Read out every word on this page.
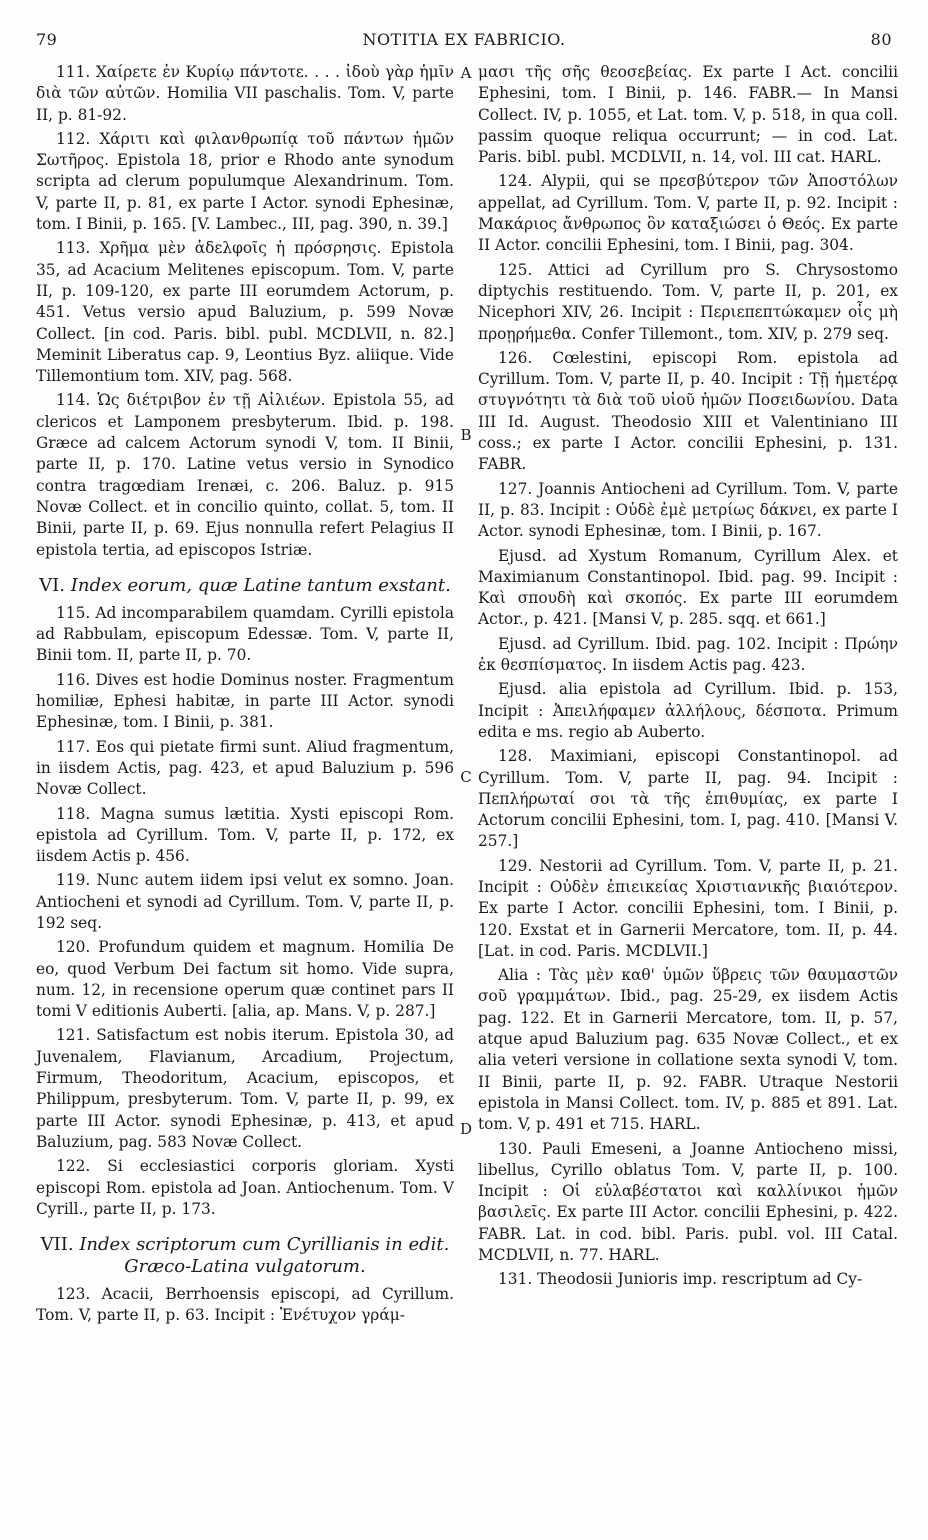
79	NOTITIA EX FABRICIO.	80

111. Χαίρετε ἐν Κυρίῳ πάντοτε. . . . ἰδοὺ γὰρ ἡμῖν διὰ τῶν αὐτῶν. Homilia VII paschalis. Tom. V, parte II, p. 81-92.

112. Χάριτι καὶ φιλανθρωπίᾳ τοῦ πάντων ἡμῶν Σωτῆρος. Epistola 18, prior e Rhodo ante synodum scripta ad clerum populumque Alexandrinum. Tom. V, parte II, p. 81, ex parte I Actor. synodi Ephesinæ, tom. I Binii, p. 165. [V. Lambec., III, pag. 390, n. 39.]

113. Χρῆμα μὲν ἀδελφοῖς ἡ πρόσρησις. Epistola 35, ad Acacium Melitenes episcopum. Tom. V, parte II, p. 109-120, ex parte III eorumdem Actorum, p. 451. Vetus versio apud Baluzium, p. 599 Novæ Collect. [in cod. Paris. bibl. publ. MCDLVII, n. 82.] Meminit Liberatus cap. 9, Leontius Byz. aliique. Vide Tillemontium tom. XIV, pag. 568.

114. Ὡς διέτριβον ἐν τῇ Αἰλιέων. Epistola 55, ad clericos et Lamponem presbyterum. Ibid. p. 198. Græce ad calcem Actorum synodi V, tom. II Binii, parte II, p. 170. Latine vetus versio in Synodico contra tragœdiam Irenæi, c. 206. Baluz. p. 915 Novæ Collect. et in concilio quinto, collat. 5, tom. II Binii, parte II, p. 69. Ejus nonnulla refert Pelagius II epistola tertia, ad episcopos Istriæ.

VI. Index eorum, quæ Latine tantum exstant.

115. Ad incomparabilem quamdam. Cyrilli epistola ad Rabbulam, episcopum Edessæ. Tom. V, parte II, Binii tom. II, parte II, p. 70.

116. Dives est hodie Dominus noster. Fragmentum homiliæ, Ephesi habitæ, in parte III Actor. synodi Ephesinæ, tom. I Binii, p. 381.

117. Eos qui pietate firmi sunt. Aliud fragmentum, in iisdem Actis, pag. 423, et apud Baluzium p. 596 Novæ Collect.

118. Magna sumus lætitia. Xysti episcopi Rom. epistola ad Cyrillum. Tom. V, parte II, p. 172, ex iisdem Actis p. 456.

119. Nunc autem iidem ipsi velut ex somno. Joan. Antiocheni et synodi ad Cyrillum. Tom. V, parte II, p. 192 seq.

120. Profundum quidem et magnum. Homilia De eo, quod Verbum Dei factum sit homo. Vide supra, num. 12, in recensione operum quæ continet pars II tomi V editionis Auberti. [alia, ap. Mans. V, p. 287.]

121. Satisfactum est nobis iterum. Epistola 30, ad Juvenalem, Flavianum, Arcadium, Projectum, Firmum, Theodoritum, Acacium, episcopos, et Philippum, presbyterum. Tom. V, parte II, p. 99, ex parte III Actor. synodi Ephesinæ, p. 413, et apud Baluzium, pag. 583 Novæ Collect.

122. Si ecclesiastici corporis gloriam. Xysti episcopi Rom. epistola ad Joan. Antiochenum. Tom. V Cyrill., parte II, p. 173.

VII. Index scriptorum cum Cyrillianis in edit. Græco-Latina vulgatorum.

123. Acacii, Berrhoensis episcopi, ad Cyrillum. Tom. V, parte II, p. 63. Incipit : Ἐνέτυχον γράμ-

A
B
C
D

μασι τῆς σῆς θεοσεβείας. Ex parte I Act. concilii Ephesini, tom. I Binii, p. 146. FABR.— In Mansi Collect. IV, p. 1055, et Lat. tom. V, p. 518, in qua coll. passim quoque reliqua occurrunt; — in cod. Lat. Paris. bibl. publ. MCDLVII, n. 14, vol. III cat. HARL.

124. Alypii, qui se πρεσβύτερον τῶν Ἀποστόλων appellat, ad Cyrillum. Tom. V, parte II, p. 92. Incipit : Μακάριος ἄνθρωπος ὃν καταξιώσει ὁ Θεός. Ex parte II Actor. concilii Ephesini, tom. I Binii, pag. 304.

125. Attici ad Cyrillum pro S. Chrysostomo diptychis restituendo. Tom. V, parte II, p. 201, ex Nicephori XIV, 26. Incipit : Περιεπεπτώκαμεν οἷς μὴ προῃρήμεθα. Confer Tillemont., tom. XIV, p. 279 seq.

126. Cœlestini, episcopi Rom. epistola ad Cyrillum. Tom. V, parte II, p. 40. Incipit : Τῇ ἡμετέρᾳ στυγνότητι τὰ διὰ τοῦ υἱοῦ ἡμῶν Ποσειδωνίου. Data III Id. August. Theodosio XIII et Valentiniano III coss.; ex parte I Actor. concilii Ephesini, p. 131. FABR.

127. Joannis Antiocheni ad Cyrillum. Tom. V, parte II, p. 83. Incipit : Οὐδὲ ἐμὲ μετρίως δάκνει, ex parte I Actor. synodi Ephesinæ, tom. I Binii, p. 167.

Ejusd. ad Xystum Romanum, Cyrillum Alex. et Maximianum Constantinopol. Ibid. pag. 99. Incipit : Καὶ σπουδὴ καὶ σκοπός. Ex parte III eorumdem Actor., p. 421. [Mansi V, p. 285. sqq. et 661.]

Ejusd. ad Cyrillum. Ibid. pag. 102. Incipit : Πρώην ἐκ θεσπίσματος. In iisdem Actis pag. 423.

Ejusd. alia epistola ad Cyrillum. Ibid. p. 153, Incipit : Ἀπειλήφαμεν ἀλλήλους, δέσποτα. Primum edita e ms. regio ab Auberto.

128. Maximiani, episcopi Constantinopol. ad Cyrillum. Tom. V, parte II, pag. 94. Incipit : Πεπλήρωταί σοι τὰ τῆς ἐπιθυμίας, ex parte I Actorum concilii Ephesini, tom. I, pag. 410. [Mansi V. 257.]

129. Nestorii ad Cyrillum. Tom. V, parte II, p. 21. Incipit : Οὐδὲν ἐπιεικείας Χριστιανικῆς βιαιότερον. Ex parte I Actor. concilii Ephesini, tom. I Binii, p. 120. Exstat et in Garnerii Mercatore, tom. II, p. 44. [Lat. in cod. Paris. MCDLVII.]

Alia : Τὰς μὲν καθ' ὑμῶν ὕβρεις τῶν θαυμαστῶν σοῦ γραμμάτων. Ibid., pag. 25-29, ex iisdem Actis pag. 122. Et in Garnerii Mercatore, tom. II, p. 57, atque apud Baluzium pag. 635 Novæ Collect., et ex alia veteri versione in collatione sexta synodi V, tom. II Binii, parte II, p. 92. FABR. Utraque Nestorii epistola in Mansi Collect. tom. IV, p. 885 et 891. Lat. tom. V, p. 491 et 715. HARL.

130. Pauli Emeseni, a Joanne Antiocheno missi, libellus, Cyrillo oblatus Tom. V, parte II, p. 100. Incipit : Οἱ εὐλαβέστατοι καὶ καλλίνικοι ἡμῶν βασιλεῖς. Ex parte III Actor. concilii Ephesini, p. 422. FABR. Lat. in cod. bibl. Paris. publ. vol. III Catal. MCDLVII, n. 77. HARL.

131. Theodosii Junioris imp. rescriptum ad Cy-
